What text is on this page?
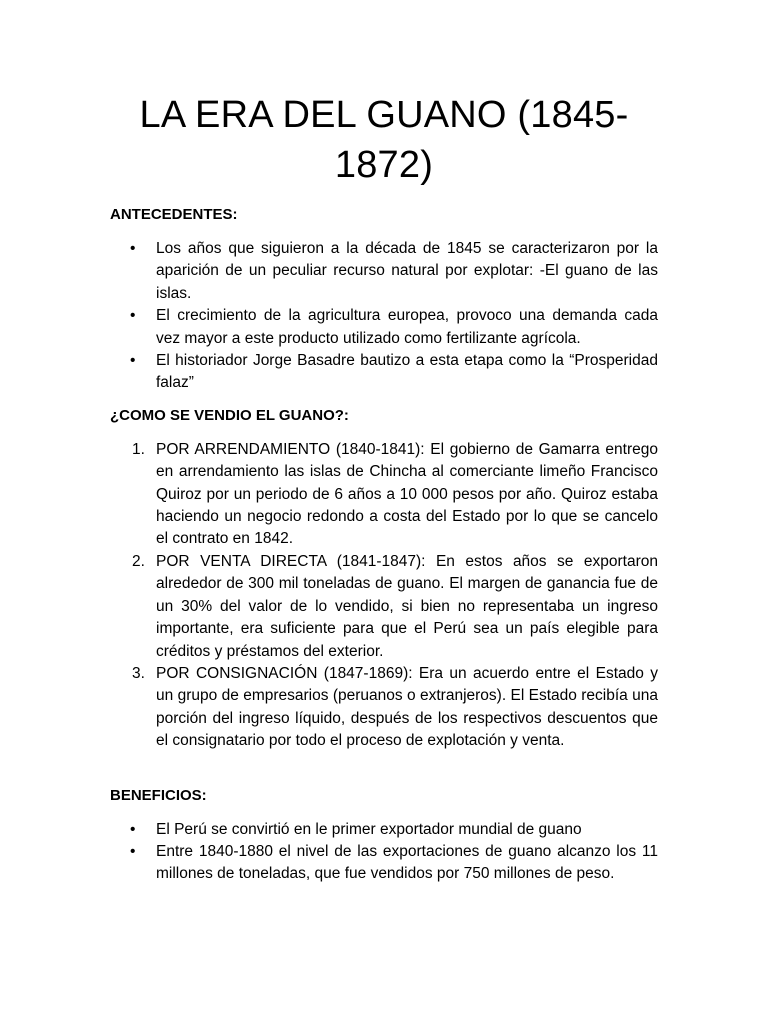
LA ERA DEL GUANO (1845-1872)
ANTECEDENTES:
•	Los años que siguieron a la década de 1845 se caracterizaron por la aparición de un peculiar recurso natural por explotar: -El guano de las islas.
•	El crecimiento de la agricultura europea, provoco una demanda cada vez mayor a este producto utilizado como fertilizante agrícola.
•	El historiador Jorge Basadre bautizo a esta etapa como la “Prosperidad falaz”
¿COMO SE VENDIO EL GUANO?:
1. POR ARRENDAMIENTO (1840-1841): El gobierno de Gamarra entrego en arrendamiento las islas de Chincha al comerciante limeño Francisco Quiroz por un periodo de 6 años a 10 000 pesos por año. Quiroz estaba haciendo un negocio redondo a costa del Estado por lo que se cancelo el contrato en 1842.
2. POR VENTA DIRECTA (1841-1847): En estos años se exportaron alrededor de 300 mil toneladas de guano. El margen de ganancia fue de un 30% del valor de lo vendido, si bien no representaba un ingreso importante, era suficiente para que el Perú sea un país elegible para créditos y préstamos del exterior.
3. POR CONSIGNACIÓN (1847-1869): Era un acuerdo entre el Estado y un grupo de empresarios (peruanos o extranjeros). El Estado recibía una porción del ingreso líquido, después de los respectivos descuentos que el consignatario por todo el proceso de explotación y venta.
BENEFICIOS:
•	El Perú se convirtió en le primer exportador mundial de guano
•	Entre 1840-1880 el nivel de las exportaciones de guano alcanzo los 11 millones de toneladas, que fue vendidos por 750 millones de peso.
